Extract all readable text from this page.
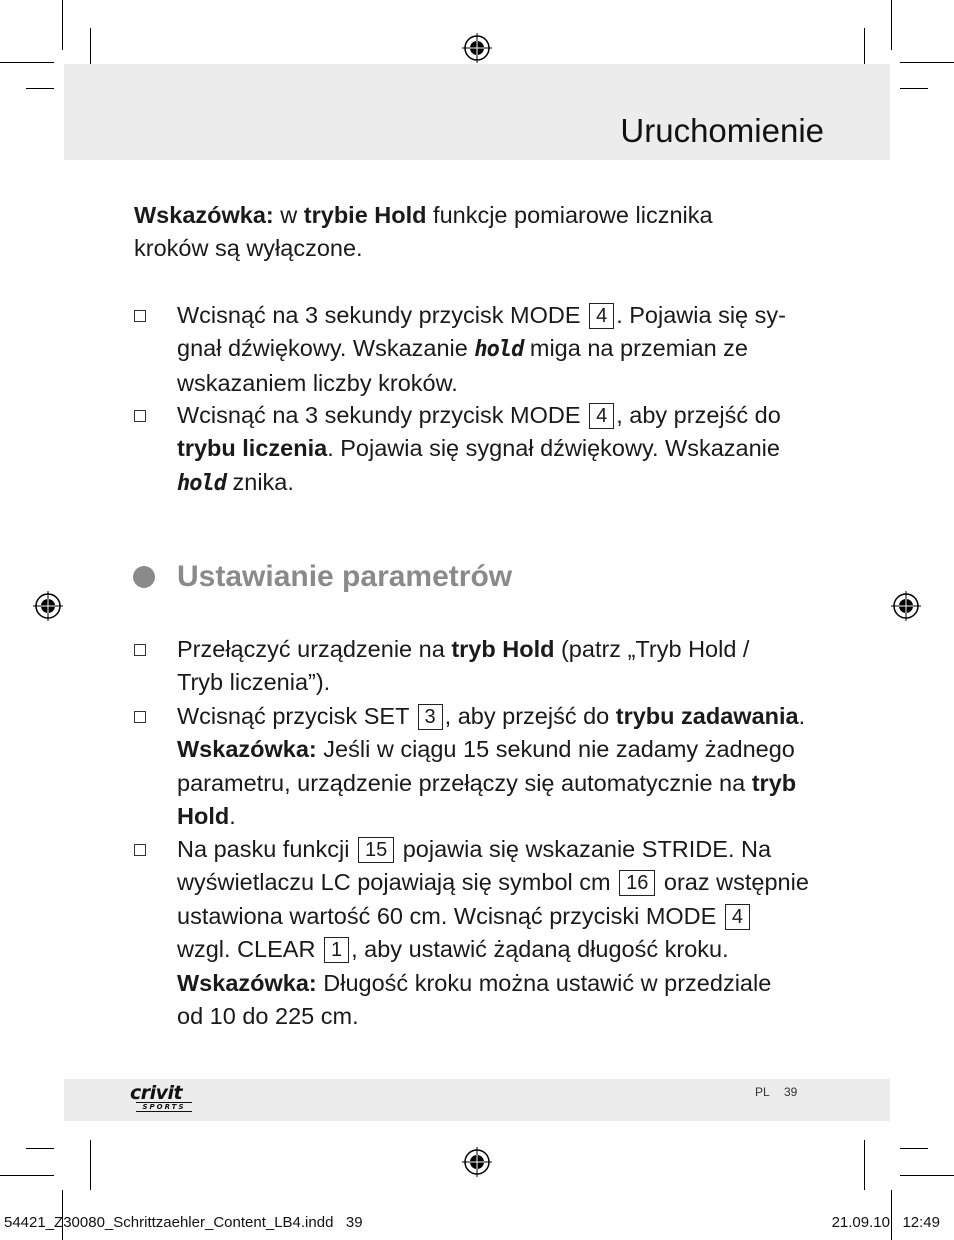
Uruchomienie
Wskazówka: w trybie Hold funkcje pomiarowe licznika
kroków są wyłączone.
Wcisnąć na 3 sekundy przycisk MODE 4 . Pojawia się sy-
gnał dźwiękowy. Wskazanie hold miga na przemian ze
wskazaniem liczby kroków.
Wcisnąć na 3 sekundy przycisk MODE 4 , aby przejść do
trybu liczenia. Pojawia się sygnał dźwiękowy. Wskazanie
hold znika.
Ustawianie parametrów
Przełączyć urządzenie na tryb Hold (patrz „Tryb Hold /
Tryb liczenia”).
Wcisnąć przycisk SET 3 , aby przejść do trybu zadawania.
Wskazówka: Jeśli w ciągu 15 sekund nie zadamy żadnego
parametru, urządzenie przełączy się automatycznie na tryb
Hold.
Na pasku funkcji 15 pojawia się wskazanie STRIDE. Na
wyświetlaczu LC pojawiają się symbol cm 16 oraz wstępnie
ustawiona wartość 60 cm. Wcisnąć przyciski MODE 4
wzgl. CLEAR 1 , aby ustawić żądaną długość kroku.
Wskazówka: Długość kroku można ustawić w przedziale
od 10 do 225 cm.
crivit
SPORTS
PL 39
54421_Z30080_Schrittzaehler_Content_LB4.indd   39	21.09.10   12:49
